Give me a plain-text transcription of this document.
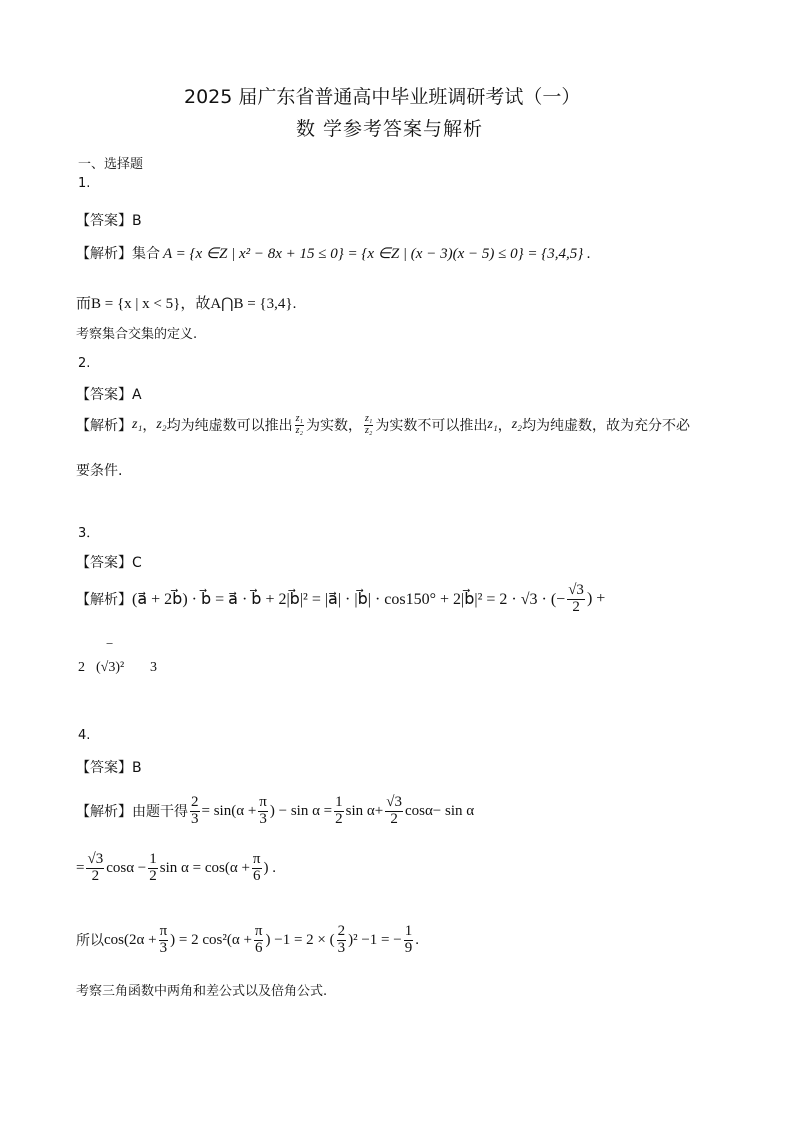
2025 届广东省普通高中毕业班调研考试（一）
数 学参考答案与解析
一、选择题
1.
【答案】B
【解析】 集合 A = {x ∈Z | x² − 8x + 15 ≤ 0} = {x ∈Z | (x − 3)(x − 5) ≤ 0} = {3,4,5} .
而B = {x | x < 5}，故A⋂B = {3,4}.
考察集合交集的定义.
2.
【答案】A
【解析】 z₁ ， z₂ 均为纯虚数可以推出 $\frac{\text{z₁}}{\text{z₂}}$ 为实数， $\frac{\text{z₁}}{\text{z₂}}$ 为实数不可以推出 z₁ ， z₂ 均为纯虚数，故为充分不必
要条件.
3．
【答案】C
【解析】 (a⃗ + 2b⃗) · b⃗ = a⃗ · b⃗ + 2|b⃗|² = |a⃗| · |b⃗| · cos150° + 2|b⃗|² = 2 · √3 · (− $\frac{√3}{2}$ ) +
−
2 (√3)² 3
4.
【答案】B
【解析】 由题干得 $\frac{2}{3} = \sin(\alpha + \frac{\pi}{3}$ ) − $\sin \alpha = \frac{1}{2}$ $\sin \alpha+ \frac{√3}{2} \cos\alpha- \sin \alpha$
= $\frac{√3}{2}$ $\cos\alpha - \frac{1}{2}$ $\sin \alpha = \cos(\alpha + \frac{\pi}{6}$ ) .
所以 $\cos(2\alpha + \frac{\pi}{3}$ ) = 2 $\cos^2(\alpha + \frac{\pi}{6}$ ) −1 = 2 × ( $\frac{2}{3} )^2 -1$ = − $\frac{1}{9}$ .
考察三角函数中两角和差公式以及倍角公式.
